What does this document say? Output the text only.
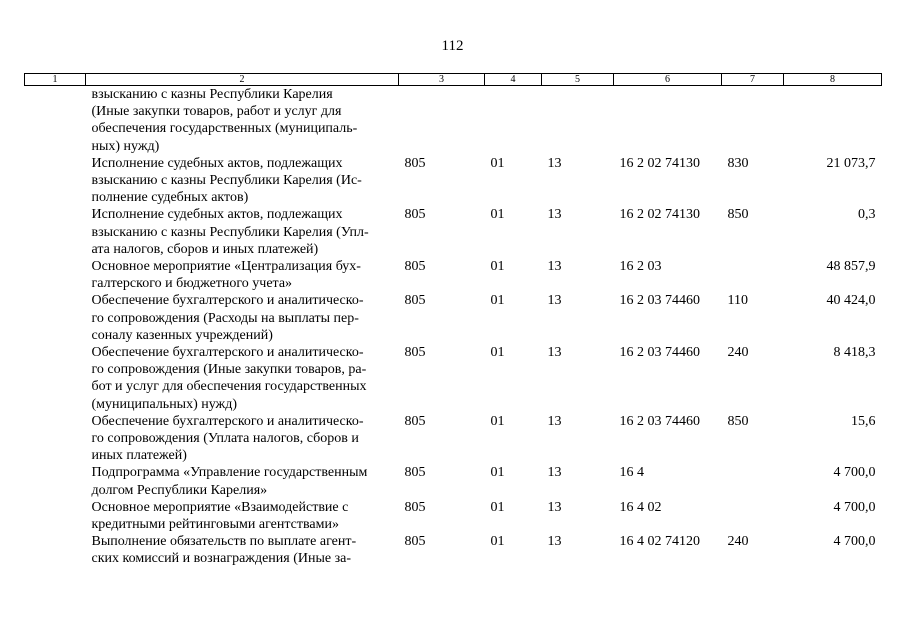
112
1	2	3	4	5	6	7	8

	взысканию с казны Республики Карелия
(Иные закупки товаров, работ и услуг для
обеспечения государственных (муниципаль-
ных) нужд)						

	Исполнение судебных актов, подлежащих
взысканию с казны Республики Карелия (Ис-
полнение судебных актов)	805	01	13	16 2 02 74130	830	21 073,7

	Исполнение судебных актов, подлежащих
взысканию с казны Республики Карелия (Упл-
ата налогов, сборов и иных платежей)	805	01	13	16 2 02 74130	850	0,3

	Основное мероприятие «Централизация бух-
галтерского и бюджетного учета»	805	01	13	16 2 03		48 857,9

	Обеспечение бухгалтерского и аналитическо-
го сопровождения (Расходы на выплаты пер-
соналу казенных учреждений)	805	01	13	16 2 03 74460	110	40 424,0

	Обеспечение бухгалтерского и аналитическо-
го сопровождения (Иные закупки товаров, ра-
бот и услуг для обеспечения государственных
(муниципальных) нужд)	805	01	13	16 2 03 74460	240	8 418,3

	Обеспечение бухгалтерского и аналитическо-
го сопровождения (Уплата налогов, сборов и
иных платежей)	805	01	13	16 2 03 74460	850	15,6

	Подпрограмма «Управление государственным
долгом Республики Карелия»	805	01	13	16 4		4 700,0

	Основное мероприятие «Взаимодействие с
кредитными рейтинговыми агентствами»	805	01	13	16 4 02		4 700,0

	Выполнение обязательств по выплате агент-
ских комиссий и вознаграждения (Иные за-	805	01	13	16 4 02 74120	240	4 700,0
